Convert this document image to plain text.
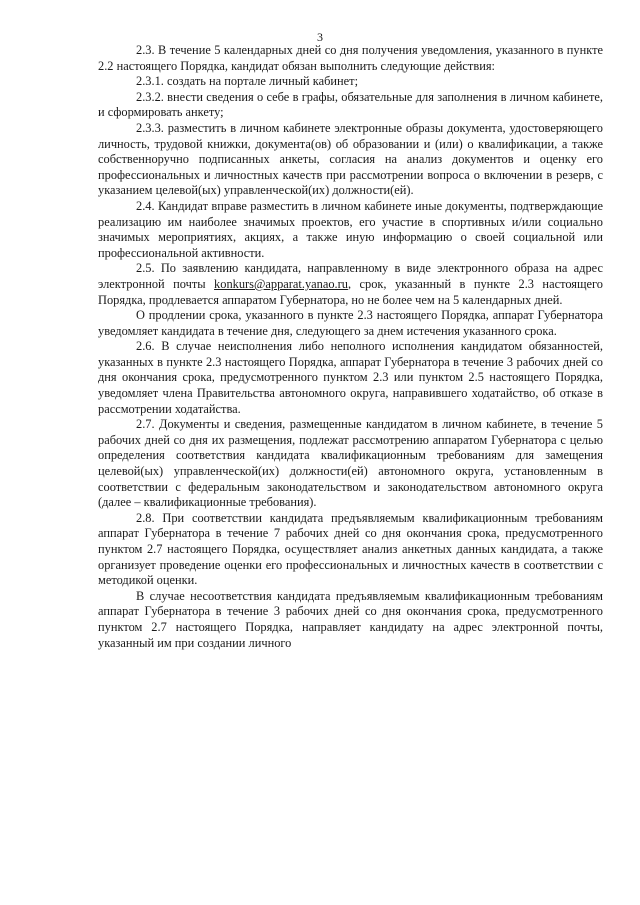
3

2.3. В течение 5 календарных дней со дня получения уведомления, указанного в пункте 2.2 настоящего Порядка, кандидат обязан выполнить следующие действия:

2.3.1. создать на портале личный кабинет;

2.3.2. внести сведения о себе в графы, обязательные для заполнения в личном кабинете, и сформировать анкету;

2.3.3. разместить в личном кабинете электронные образы документа, удостоверяющего личность, трудовой книжки, документа(ов) об образовании и (или) о квалификации, а также собственноручно подписанных анкеты, согласия на анализ документов и оценку его профессиональных и личностных качеств при рассмотрении вопроса о включении в резерв, с указанием целевой(ых) управленческой(их) должности(ей).

2.4. Кандидат вправе разместить в личном кабинете иные документы, подтверждающие реализацию им наиболее значимых проектов, его участие в спортивных и/или социально значимых мероприятиях, акциях, а также иную информацию о своей социальной или профессиональной активности.

2.5. По заявлению кандидата, направленному в виде электронного образа на адрес электронной почты konkurs@apparat.yanao.ru, срок, указанный в пункте 2.3 настоящего Порядка, продлевается аппаратом Губернатора, но не более чем на 5 календарных дней.

О продлении срока, указанного в пункте 2.3 настоящего Порядка, аппарат Губернатора уведомляет кандидата в течение дня, следующего за днем истечения указанного срока.

2.6. В случае неисполнения либо неполного исполнения кандидатом обязанностей, указанных в пункте 2.3 настоящего Порядка, аппарат Губернатора в течение 3 рабочих дней со дня окончания срока, предусмотренного пунктом 2.3 или пунктом 2.5 настоящего Порядка, уведомляет члена Правительства автономного округа, направившего ходатайство, об отказе в рассмотрении ходатайства.

2.7. Документы и сведения, размещенные кандидатом в личном кабинете, в течение 5 рабочих дней со дня их размещения, подлежат рассмотрению аппаратом Губернатора с целью определения соответствия кандидата квалификационным требованиям для замещения целевой(ых) управленческой(их) должности(ей) автономного округа, установленным в соответствии с федеральным законодательством и законодательством автономного округа (далее – квалификационные требования).

2.8. При соответствии кандидата предъявляемым квалификационным требованиям аппарат Губернатора в течение 7 рабочих дней со дня окончания срока, предусмотренного пунктом 2.7 настоящего Порядка, осуществляет анализ анкетных данных кандидата, а также организует проведение оценки его профессиональных и личностных качеств в соответствии с методикой оценки.

В случае несоответствия кандидата предъявляемым квалификационным требованиям аппарат Губернатора в течение 3 рабочих дней со дня окончания срока, предусмотренного пунктом 2.7 настоящего Порядка, направляет кандидату на адрес электронной почты, указанный им при создании личного
